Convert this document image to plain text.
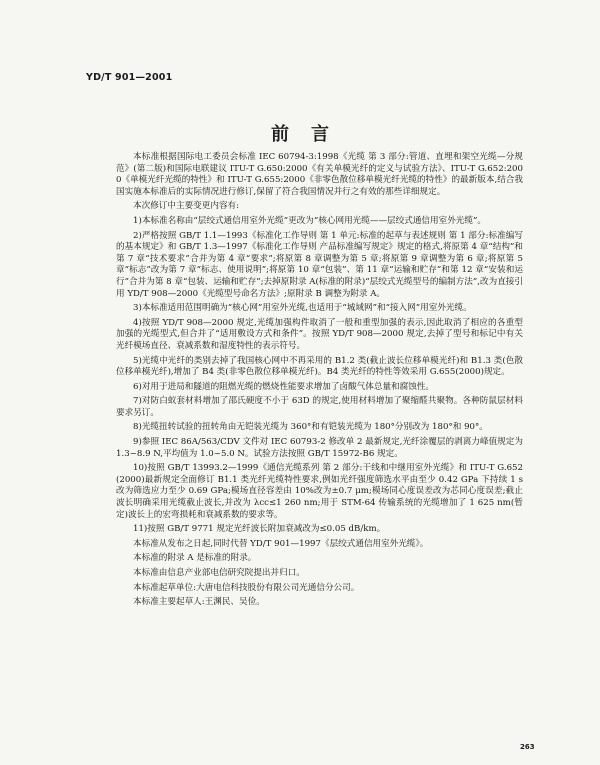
YD/T 901—2001
前言

本标准根据国际电工委员会标准 IEC 60794-3:1998《光缆 第 3 部分:管道、直埋和架空光缆—分规范》(第二版)和国际电联建议 ITU-T G.650:2000《有关单模光纤的定义与试验方法》、ITU-T G.652:2000《单模光纤光缆的特性》和 ITU-T G.655:2000《非零色散位移单模光纤光缆的特性》的最新版本,结合我国实施本标准后的实际情况进行修订,保留了符合我国情况并行之有效的那些详细规定。

本次修订中主要变更内容有:

1)本标准名称由“层绞式通信用室外光缆”更改为“核心网用光缆——层绞式通信用室外光缆”。

2)严格按照 GB/T 1.1—1993《标准化工作导则 第 1 单元:标准的起草与表述规则 第 1 部分:标准编写的基本规定》和 GB/T 1.3—1997《标准化工作导则 产品标准编写规定》规定的格式,将原第 4 章“结构”和第 7 章“技术要求”合并为第 4 章“要求”;将原第 8 章调整为第 5 章;将原第 9 章调整为第 6 章;将原第 5 章“标志”改为第 7 章“标志、使用说明”;将原第 10 章“包装”、第 11 章“运输和贮存”和第 12 章“安装和运行”合并为第 8 章“包装、运输和贮存”;去掉原附录 A(标准的附录)“层绞式光缆型号的编制方法”,改为直接引用 YD/T 908—2000《光缆型号命名方法》;原附录 B 调整为附录 A。

3)本标准适用范围明确为“核心网”用室外光缆,也适用于“城域网”和“接入网”用室外光缆。

4)按照 YD/T 908—2000 规定,光缆加强构件取消了一般和重型加强的表示,因此取消了相应的各重型加强的光缆型式,但合并了“适用敷设方式和条件”。按照 YD/T 908—2000 规定,去掉了型号和标记中有关光纤模场直径、衰减系数和湿度特性的表示符号。

5)光缆中光纤的类别去掉了我国核心网中不再采用的 B1.2 类(截止波长位移单模光纤)和 B1.3 类(色散位移单模光纤),增加了 B4 类(非零色散位移单模光纤)。B4 类光纤的特性等效采用 G.655(2000)规定。

6)对用于进局和隧道的阻燃光缆的燃烧性能要求增加了卤酸气体总量和腐蚀性。

7)对防白蚁套材料增加了邵氏硬度不小于 63D 的规定,使用材料增加了聚缩醛共聚物。各种防鼠层材料要求另订。

8)光缆扭转试验的扭转角由无铠装光缆为 360°和有铠装光缆为 180°分别改为 180°和 90°。

9)参照 IEC 86A/563/CDV 文件对 IEC 60793-2 修改单 2 最新规定,光纤涂覆层的剥离力峰值规定为 1.3~8.9 N,平均值为 1.0~5.0 N。试验方法按照 GB/T 15972-B6 规定。

10)按照 GB/T 13993.2—1999《通信光缆系列 第 2 部分:干线和中继用室外光缆》和 ITU-T G.652(2000)最新规定全面修订 B1.1 类光纤光缆特性要求,例如光纤强度筛选水平由至少 0.42 GPa 下持续 1 s 改为筛选应力至少 0.69 GPa;模场直径容差由 10%改为±0.7 μm;模场同心度误差改为芯同心度误差;截止波长明确采用光缆截止波长,并改为 λcc≤1 260 nm;用于 STM-64 传输系统的光缆增加了 1 625 nm(暂定)波长上的宏弯损耗和衰减系数的要求等。

11)按照 GB/T 9771 规定光纤波长附加衰减改为≤0.05 dB/km。

本标准从发布之日起,同时代替 YD/T 901—1997《层绞式通信用室外光缆》。

本标准的附录 A 是标准的附录。

本标准由信息产业部电信研究院提出并归口。

本标准起草单位:大唐电信科技股份有限公司光通信分公司。

本标准主要起草人:王渊民、吴俭。

263
